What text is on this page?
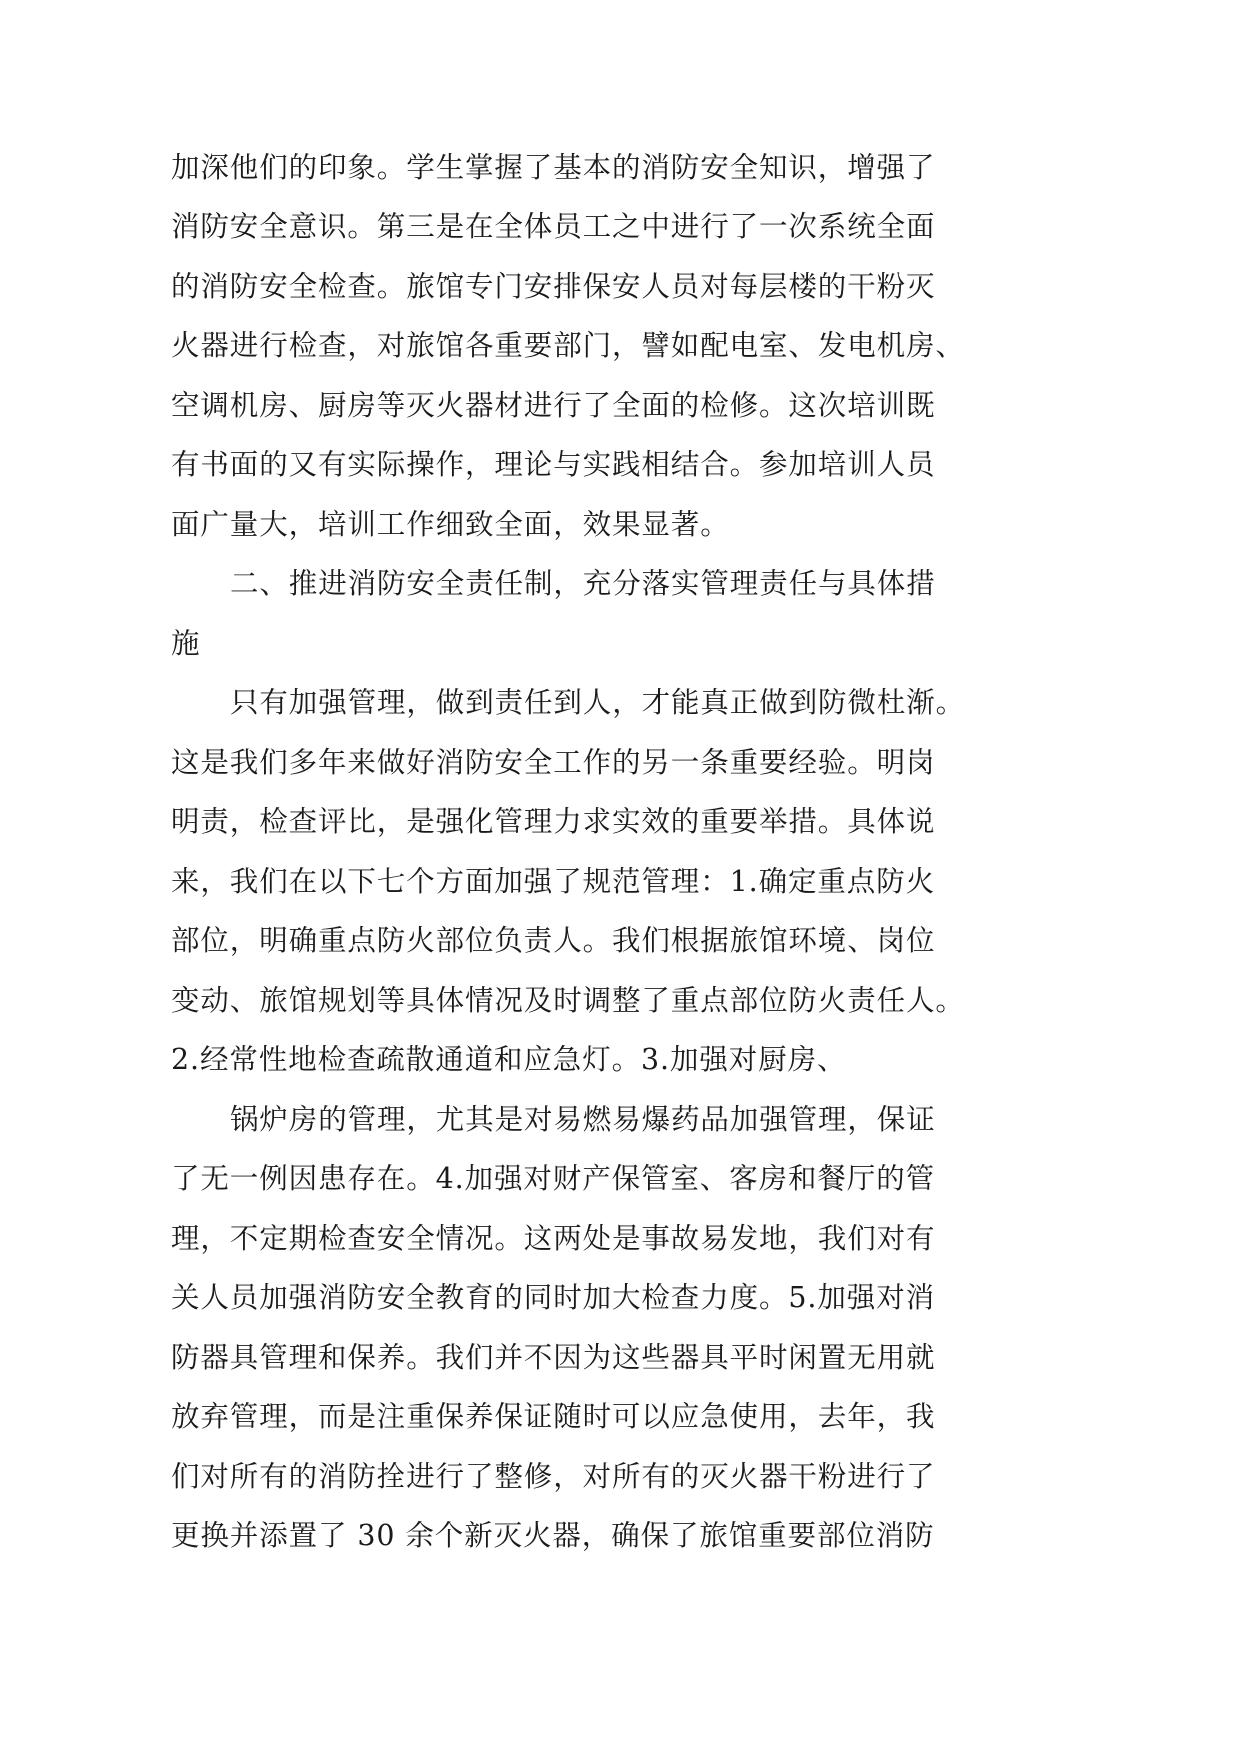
加深他们的印象。学生掌握了基本的消防安全知识，增强了
消防安全意识。第三是在全体员工之中进行了一次系统全面
的消防安全检查。旅馆专门安排保安人员对每层楼的干粉灭
火器进行检查，对旅馆各重要部门，譬如配电室、发电机房、
空调机房、厨房等灭火器材进行了全面的检修。这次培训既
有书面的又有实际操作，理论与实践相结合。参加培训人员
面广量大，培训工作细致全面，效果显著。
二、推进消防安全责任制，充分落实管理责任与具体措
施
只有加强管理，做到责任到人，才能真正做到防微杜渐。
这是我们多年来做好消防安全工作的另一条重要经验。明岗
明责，检查评比，是强化管理力求实效的重要举措。具体说
来，我们在以下七个方面加强了规范管理：1.确定重点防火
部位，明确重点防火部位负责人。我们根据旅馆环境、岗位
变动、旅馆规划等具体情况及时调整了重点部位防火责任人。
2.经常性地检查疏散通道和应急灯。3.加强对厨房、
锅炉房的管理，尤其是对易燃易爆药品加强管理，保证
了无一例因患存在。4.加强对财产保管室、客房和餐厅的管
理，不定期检查安全情况。这两处是事故易发地，我们对有
关人员加强消防安全教育的同时加大检查力度。5.加强对消
防器具管理和保养。我们并不因为这些器具平时闲置无用就
放弃管理，而是注重保养保证随时可以应急使用，去年，我
们对所有的消防拴进行了整修，对所有的灭火器干粉进行了
更换并添置了 30 余个新灭火器，确保了旅馆重要部位消防
